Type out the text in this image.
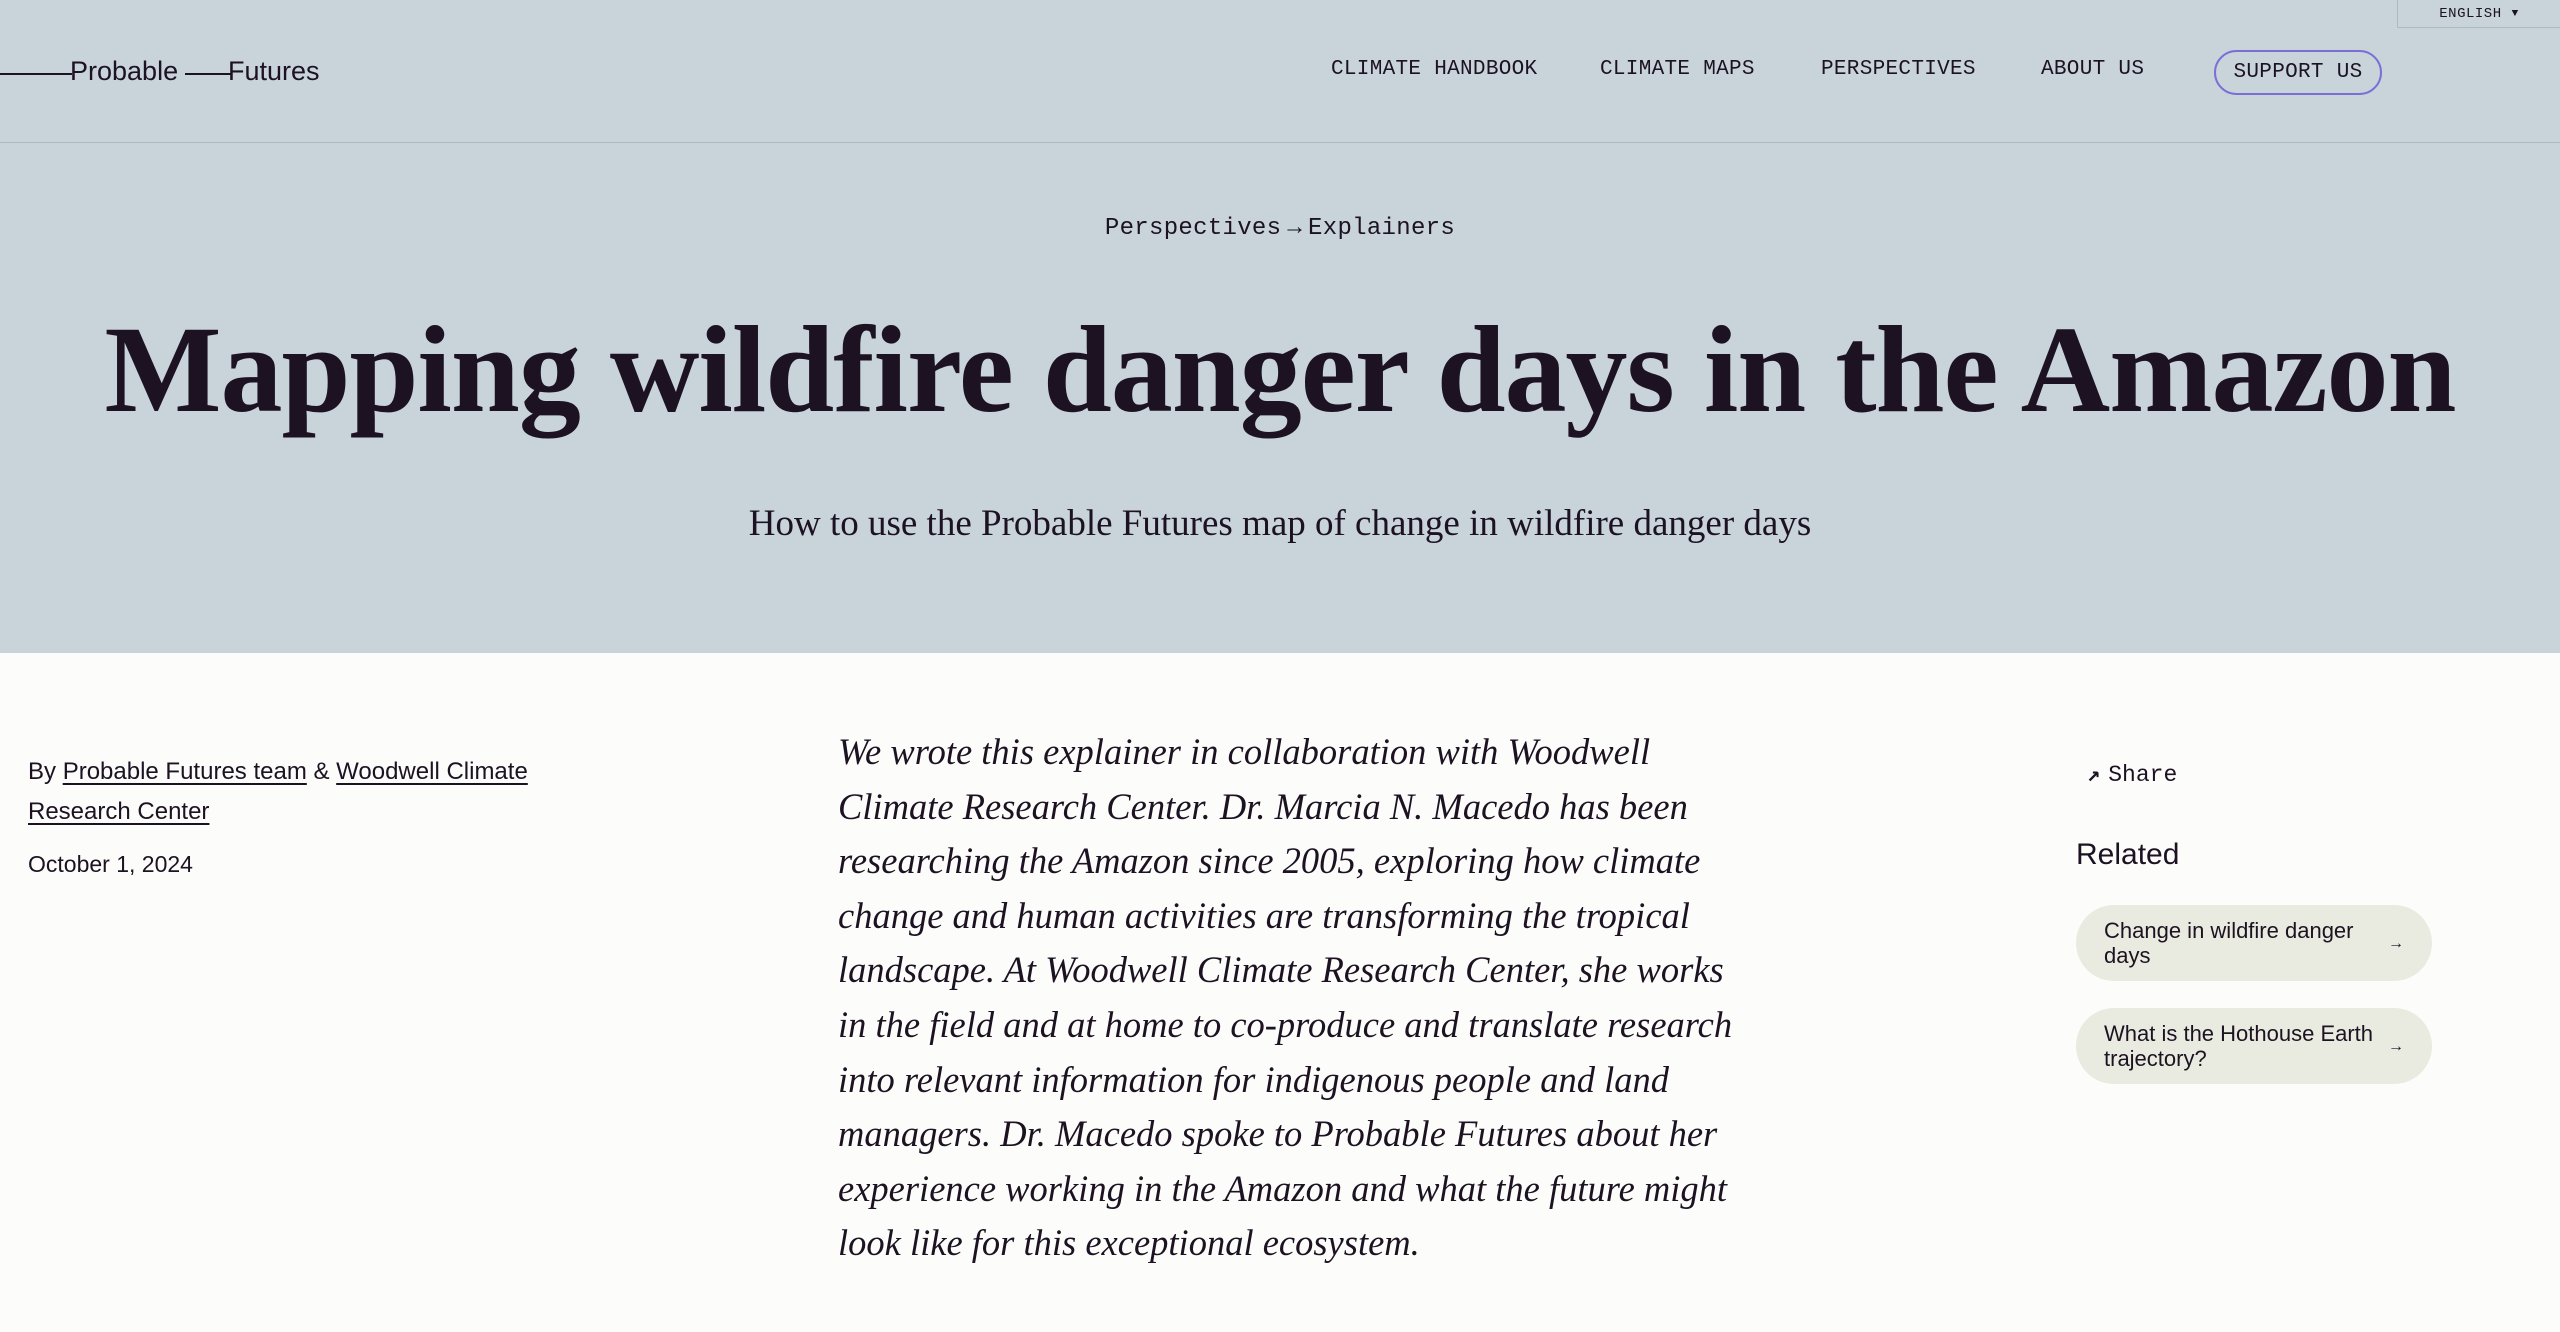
Probable Futures	CLIMATE HANDBOOK	CLIMATE MAPS	PERSPECTIVES	ABOUT US	SUPPORT US
ENGLISH ▼
Perspectives → Explainers
Mapping wildfire danger days in the Amazon

How to use the Probable Futures map of change in wildfire danger days

By Probable Futures team & Woodwell Climate Research Center
October 1, 2024

We wrote this explainer in collaboration with Woodwell Climate Research Center. Dr. Marcia N. Macedo has been researching the Amazon since 2005, exploring how climate change and human activities are transforming the tropical landscape. At Woodwell Climate Research Center, she works in the field and at home to co-produce and translate research into relevant information for indigenous people and land managers. Dr. Macedo spoke to Probable Futures about her experience working in the Amazon and what the future might look like for this exceptional ecosystem.

↗ Share
Related
Change in wildfire danger days	→
What is the Hothouse Earth trajectory?	→
